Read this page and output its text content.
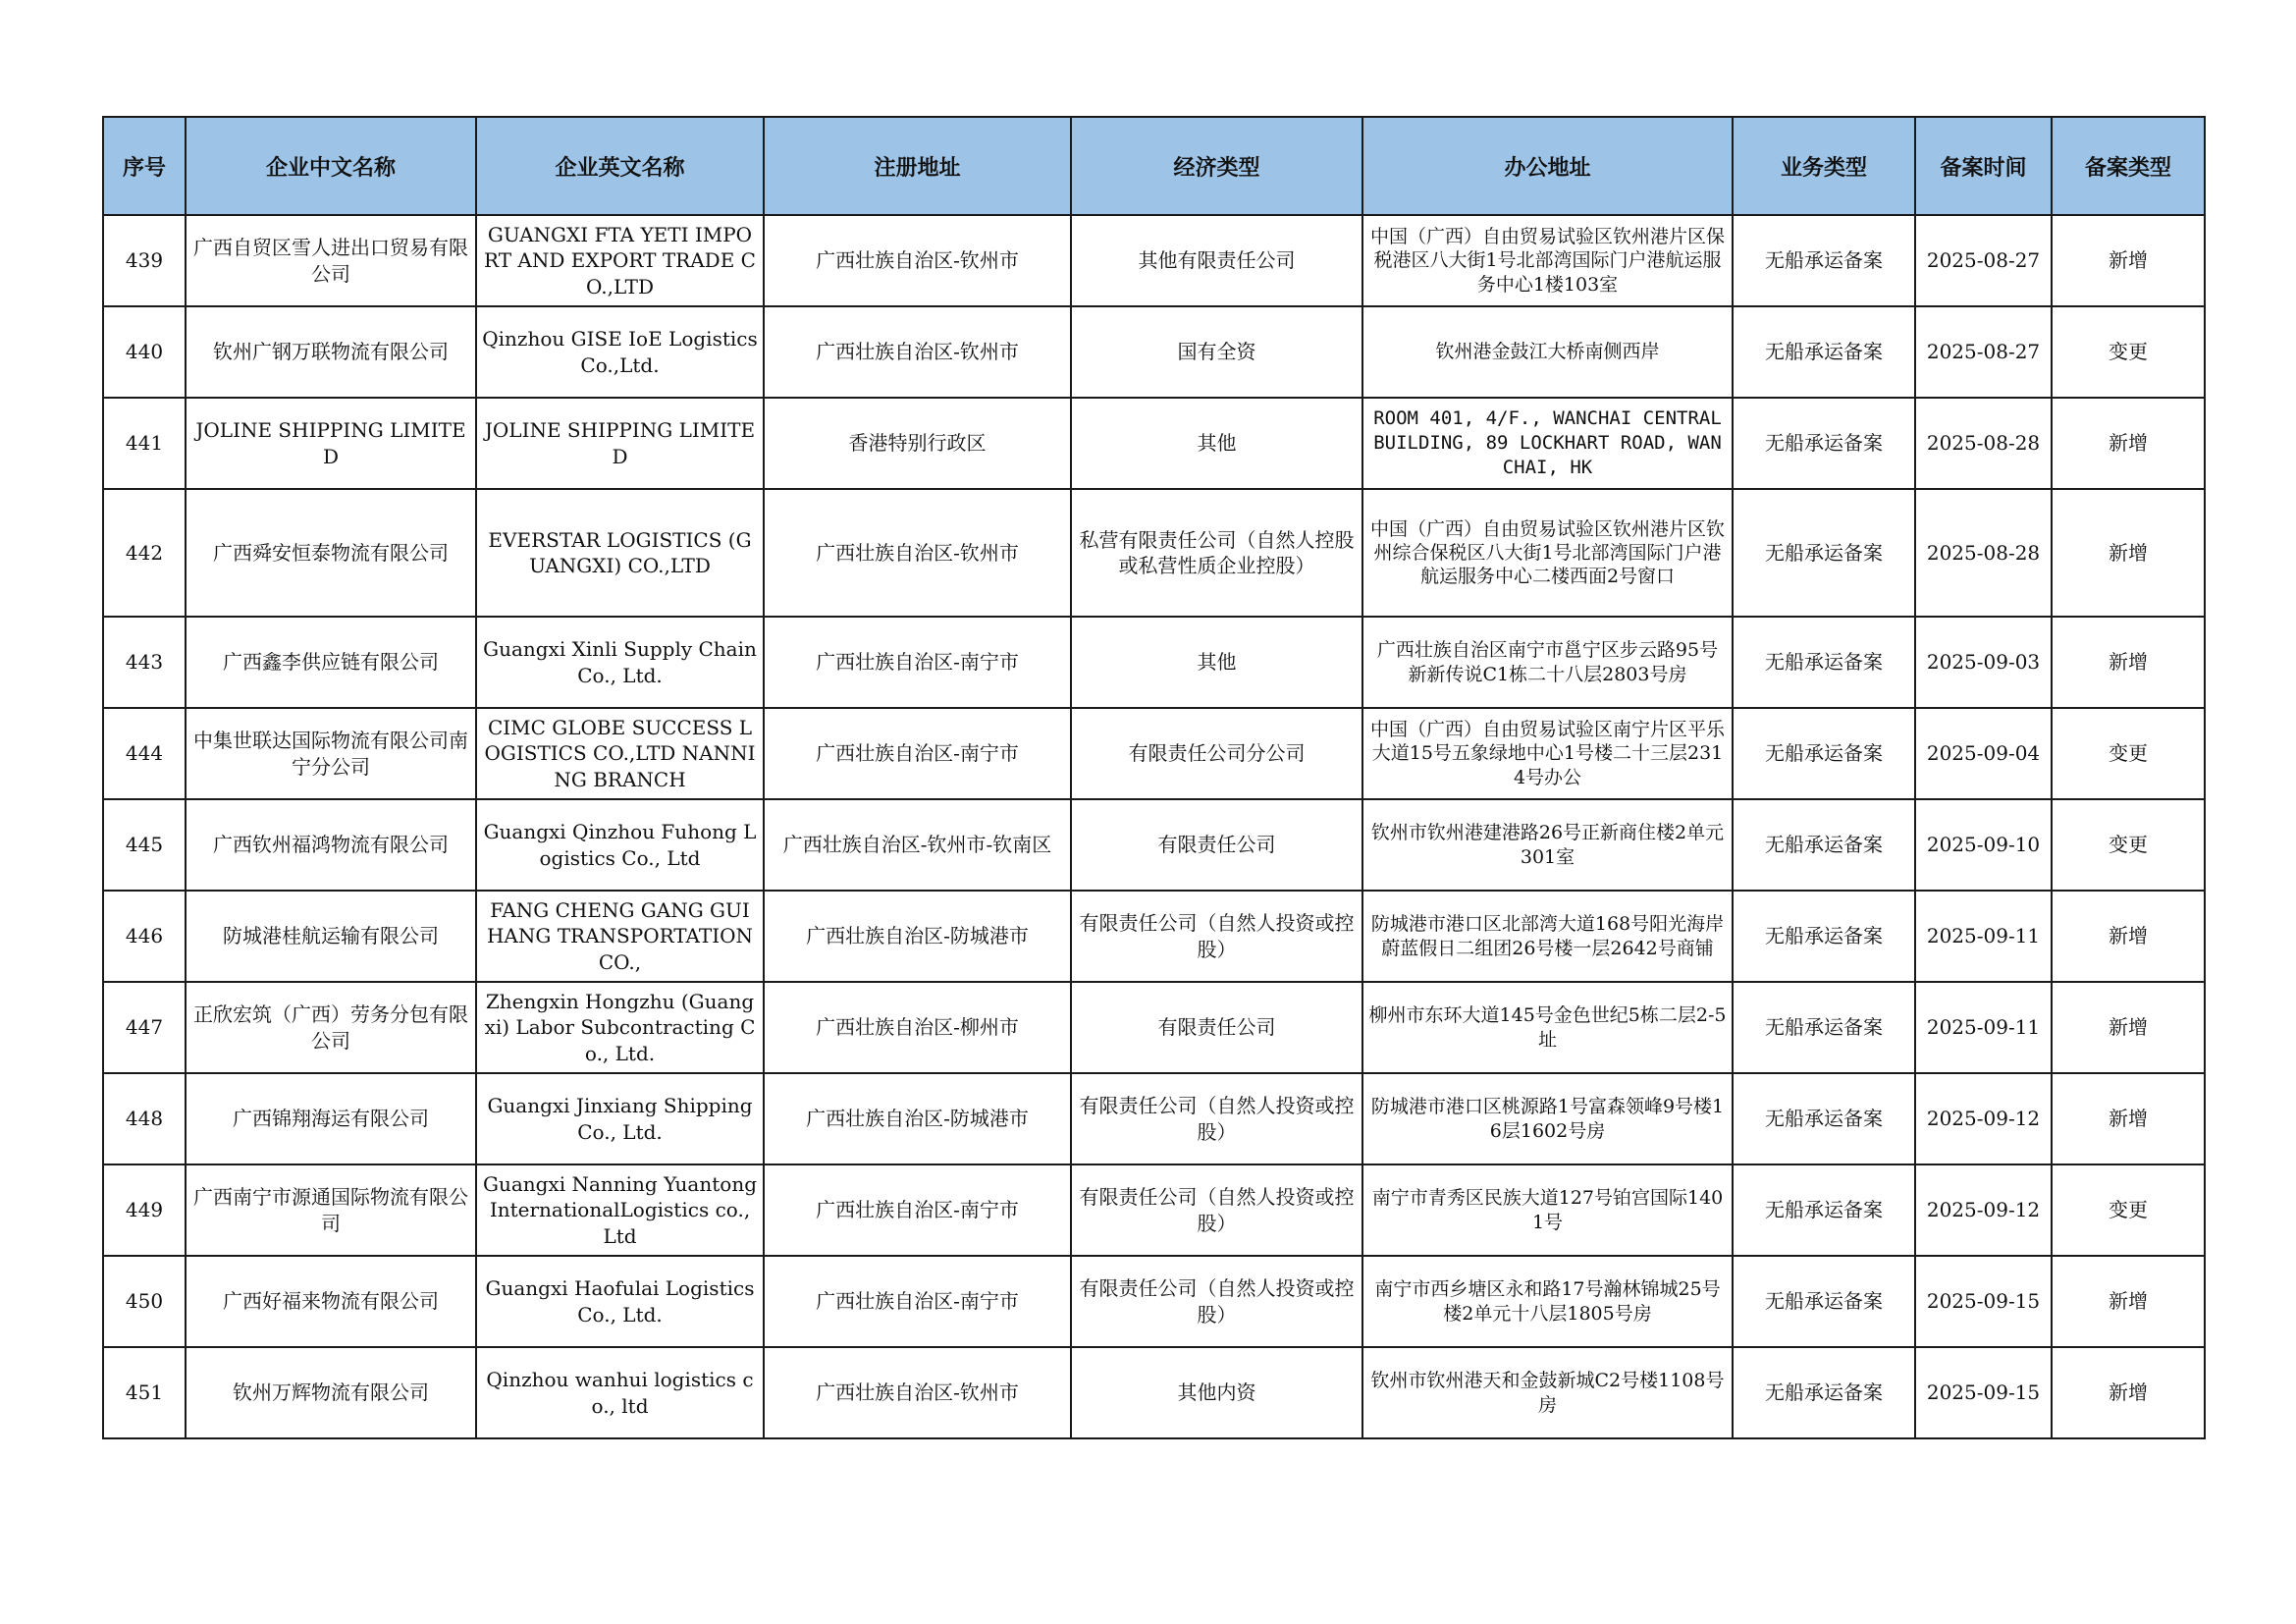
序号	企业中文名称	企业英文名称	注册地址	经济类型	办公地址	业务类型	备案时间	备案类型
439	广西自贸区雪人进出口贸易有限公司	GUANGXI FTA YETI IMPORT AND EXPORT TRADE CO.,LTD	广西壮族自治区-钦州市	其他有限责任公司	中国（广西）自由贸易试验区钦州港片区保税港区八大街1号北部湾国际门户港航运服务中心1楼103室	无船承运备案	2025-08-27	新增
440	钦州广钢万联物流有限公司	Qinzhou GISE IoE Logistics Co.,Ltd.	广西壮族自治区-钦州市	国有全资	钦州港金鼓江大桥南侧西岸	无船承运备案	2025-08-27	变更
441	JOLINE SHIPPING LIMITED	JOLINE SHIPPING LIMITED	香港特别行政区	其他	ROOM 401, 4/F., WANCHAI CENTRAL BUILDING, 89 LOCKHART ROAD, WAN CHAI, HK	无船承运备案	2025-08-28	新增
442	广西舜安恒泰物流有限公司	EVERSTAR LOGISTICS (GUANGXI) CO.,LTD	广西壮族自治区-钦州市	私营有限责任公司（自然人控股或私营性质企业控股）	中国（广西）自由贸易试验区钦州港片区钦州综合保税区八大街1号北部湾国际门户港航运服务中心二楼西面2号窗口	无船承运备案	2025-08-28	新增
443	广西鑫李供应链有限公司	Guangxi Xinli Supply Chain Co., Ltd.	广西壮族自治区-南宁市	其他	广西壮族自治区南宁市邕宁区步云路95号新新传说C1栋二十八层2803号房	无船承运备案	2025-09-03	新增
444	中集世联达国际物流有限公司南宁分公司	CIMC GLOBE SUCCESS LOGISTICS CO.,LTD NANNING BRANCH	广西壮族自治区-南宁市	有限责任公司分公司	中国（广西）自由贸易试验区南宁片区平乐大道15号五象绿地中心1号楼二十三层2314号办公	无船承运备案	2025-09-04	变更
445	广西钦州福鸿物流有限公司	Guangxi Qinzhou Fuhong Logistics Co., Ltd	广西壮族自治区-钦州市-钦南区	有限责任公司	钦州市钦州港建港路26号正新商住楼2单元301室	无船承运备案	2025-09-10	变更
446	防城港桂航运输有限公司	FANG CHENG GANG GUI HANG TRANSPORTATION CO.,	广西壮族自治区-防城港市	有限责任公司（自然人投资或控股）	防城港市港口区北部湾大道168号阳光海岸蔚蓝假日二组团26号楼一层2642号商铺	无船承运备案	2025-09-11	新增
447	正欣宏筑（广西）劳务分包有限公司	Zhengxin Hongzhu (Guangxi) Labor Subcontracting Co., Ltd.	广西壮族自治区-柳州市	有限责任公司	柳州市东环大道145号金色世纪5栋二层2-5址	无船承运备案	2025-09-11	新增
448	广西锦翔海运有限公司	Guangxi Jinxiang Shipping Co., Ltd.	广西壮族自治区-防城港市	有限责任公司（自然人投资或控股）	防城港市港口区桃源路1号富森领峰9号楼16层1602号房	无船承运备案	2025-09-12	新增
449	广西南宁市源通国际物流有限公司	Guangxi Nanning YuantongInternationalLogistics co., Ltd	广西壮族自治区-南宁市	有限责任公司（自然人投资或控股）	南宁市青秀区民族大道127号铂宫国际1401号	无船承运备案	2025-09-12	变更
450	广西好福来物流有限公司	Guangxi Haofulai Logistics Co., Ltd.	广西壮族自治区-南宁市	有限责任公司（自然人投资或控股）	南宁市西乡塘区永和路17号瀚林锦城25号楼2单元十八层1805号房	无船承运备案	2025-09-15	新增
451	钦州万辉物流有限公司	Qinzhou wanhui logistics co., ltd	广西壮族自治区-钦州市	其他内资	钦州市钦州港天和金鼓新城C2号楼1108号房	无船承运备案	2025-09-15	新增
